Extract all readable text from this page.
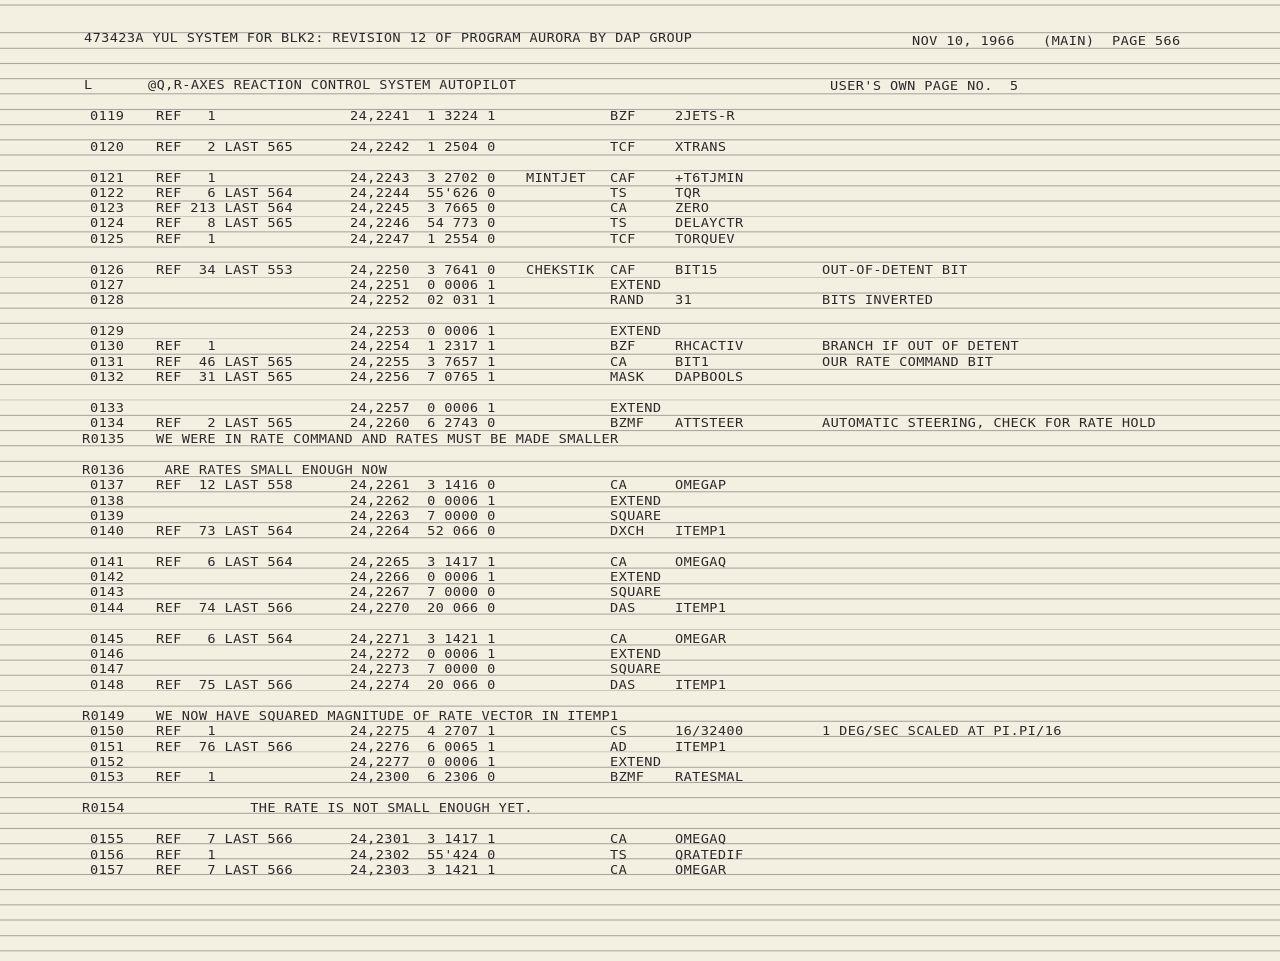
473423A YUL SYSTEM FOR BLK2: REVISION 12 OF PROGRAM AURORA BY DAP GROUP	NOV 10, 1966 (MAIN) PAGE 566
L	@Q,R-AXES REACTION CONTROL SYSTEM AUTOPILOT	USER'S OWN PAGE NO.  5
0119	REF   1	24,2241  1 3224 1	BZF	2JETS-R
0120	REF   2 LAST 565	24,2242  1 2504 0	TCF	XTRANS
0121	REF   1	24,2243  3 2702 0 MINTJET CAF	+T6TJMIN
0122	REF   6 LAST 564	24,2244  55'626 0	TS	TQR
0123	REF 213 LAST 564	24,2245  3 7665 0	CA	ZERO
0124	REF   8 LAST 565	24,2246  54 773 0	TS	DELAYCTR
0125	REF   1	24,2247  1 2554 0	TCF	TORQUEV
0126	REF  34 LAST 553	24,2250  3 7641 0 CHEKSTIK CAF	BIT15	OUT-OF-DETENT BIT
0127	24,2251  0 0006 1	EXTEND
0128	24,2252  02 031 1	RAND 31	BITS INVERTED
0129	24,2253  0 0006 1	EXTEND
0130	REF   1	24,2254  1 2317 1	BZF	RHCACTIV	BRANCH IF OUT OF DETENT
0131	REF  46 LAST 565	24,2255  3 7657 1	CA	BIT1	OUR RATE COMMAND BIT
0132	REF  31 LAST 565	24,2256  7 0765 1	MASK DAPBOOLS
0133	24,2257  0 0006 1	EXTEND
0134	REF   2 LAST 565	24,2260  6 2743 0	BZMF ATTSTEER	AUTOMATIC STEERING, CHECK FOR RATE HOLD
0137	REF  12 LAST 558	24,2261  3 1416 0	CA	OMEGAP
0138	24,2262  0 0006 1	EXTEND
0139	24,2263  7 0000 0	SQUARE
0140	REF  73 LAST 564	24,2264  52 066 0	DXCH ITEMP1
0141	REF   6 LAST 564	24,2265  3 1417 1	CA	OMEGAQ
0142	24,2266  0 0006 1	EXTEND
0143	24,2267  7 0000 0	SQUARE
0144	REF  74 LAST 566	24,2270  20 066 0	DAS	ITEMP1
0145	REF   6 LAST 564	24,2271  3 1421 1	CA	OMEGAR
0146	24,2272  0 0006 1	EXTEND
0147	24,2273  7 0000 0	SQUARE
0148	REF  75 LAST 566	24,2274  20 066 0	DAS	ITEMP1
0150	REF   1	24,2275  4 2707 1	CS	16/32400	1 DEG/SEC SCALED AT PI.PI/16
0151	REF  76 LAST 566	24,2276  6 0065 1	AD	ITEMP1
0152	24,2277  0 0006 1	EXTEND
0153	REF   1	24,2300  6 2306 0	BZMF RATESMAL
0155	REF   7 LAST 566	24,2301  3 1417 1	CA	OMEGAQ
0156	REF   1	24,2302  55'424 0	TS	QRATEDIF
0157	REF   7 LAST 566	24,2303  3 1421 1	CA	OMEGAR
R0135 WE WERE IN RATE COMMAND AND RATES MUST BE MADE SMALLER
R0136 ARE RATES SMALL ENOUGH NOW
R0149 WE NOW HAVE SQUARED MAGNITUDE OF RATE VECTOR IN ITEMP1
R0154 THE RATE IS NOT SMALL ENOUGH YET.
